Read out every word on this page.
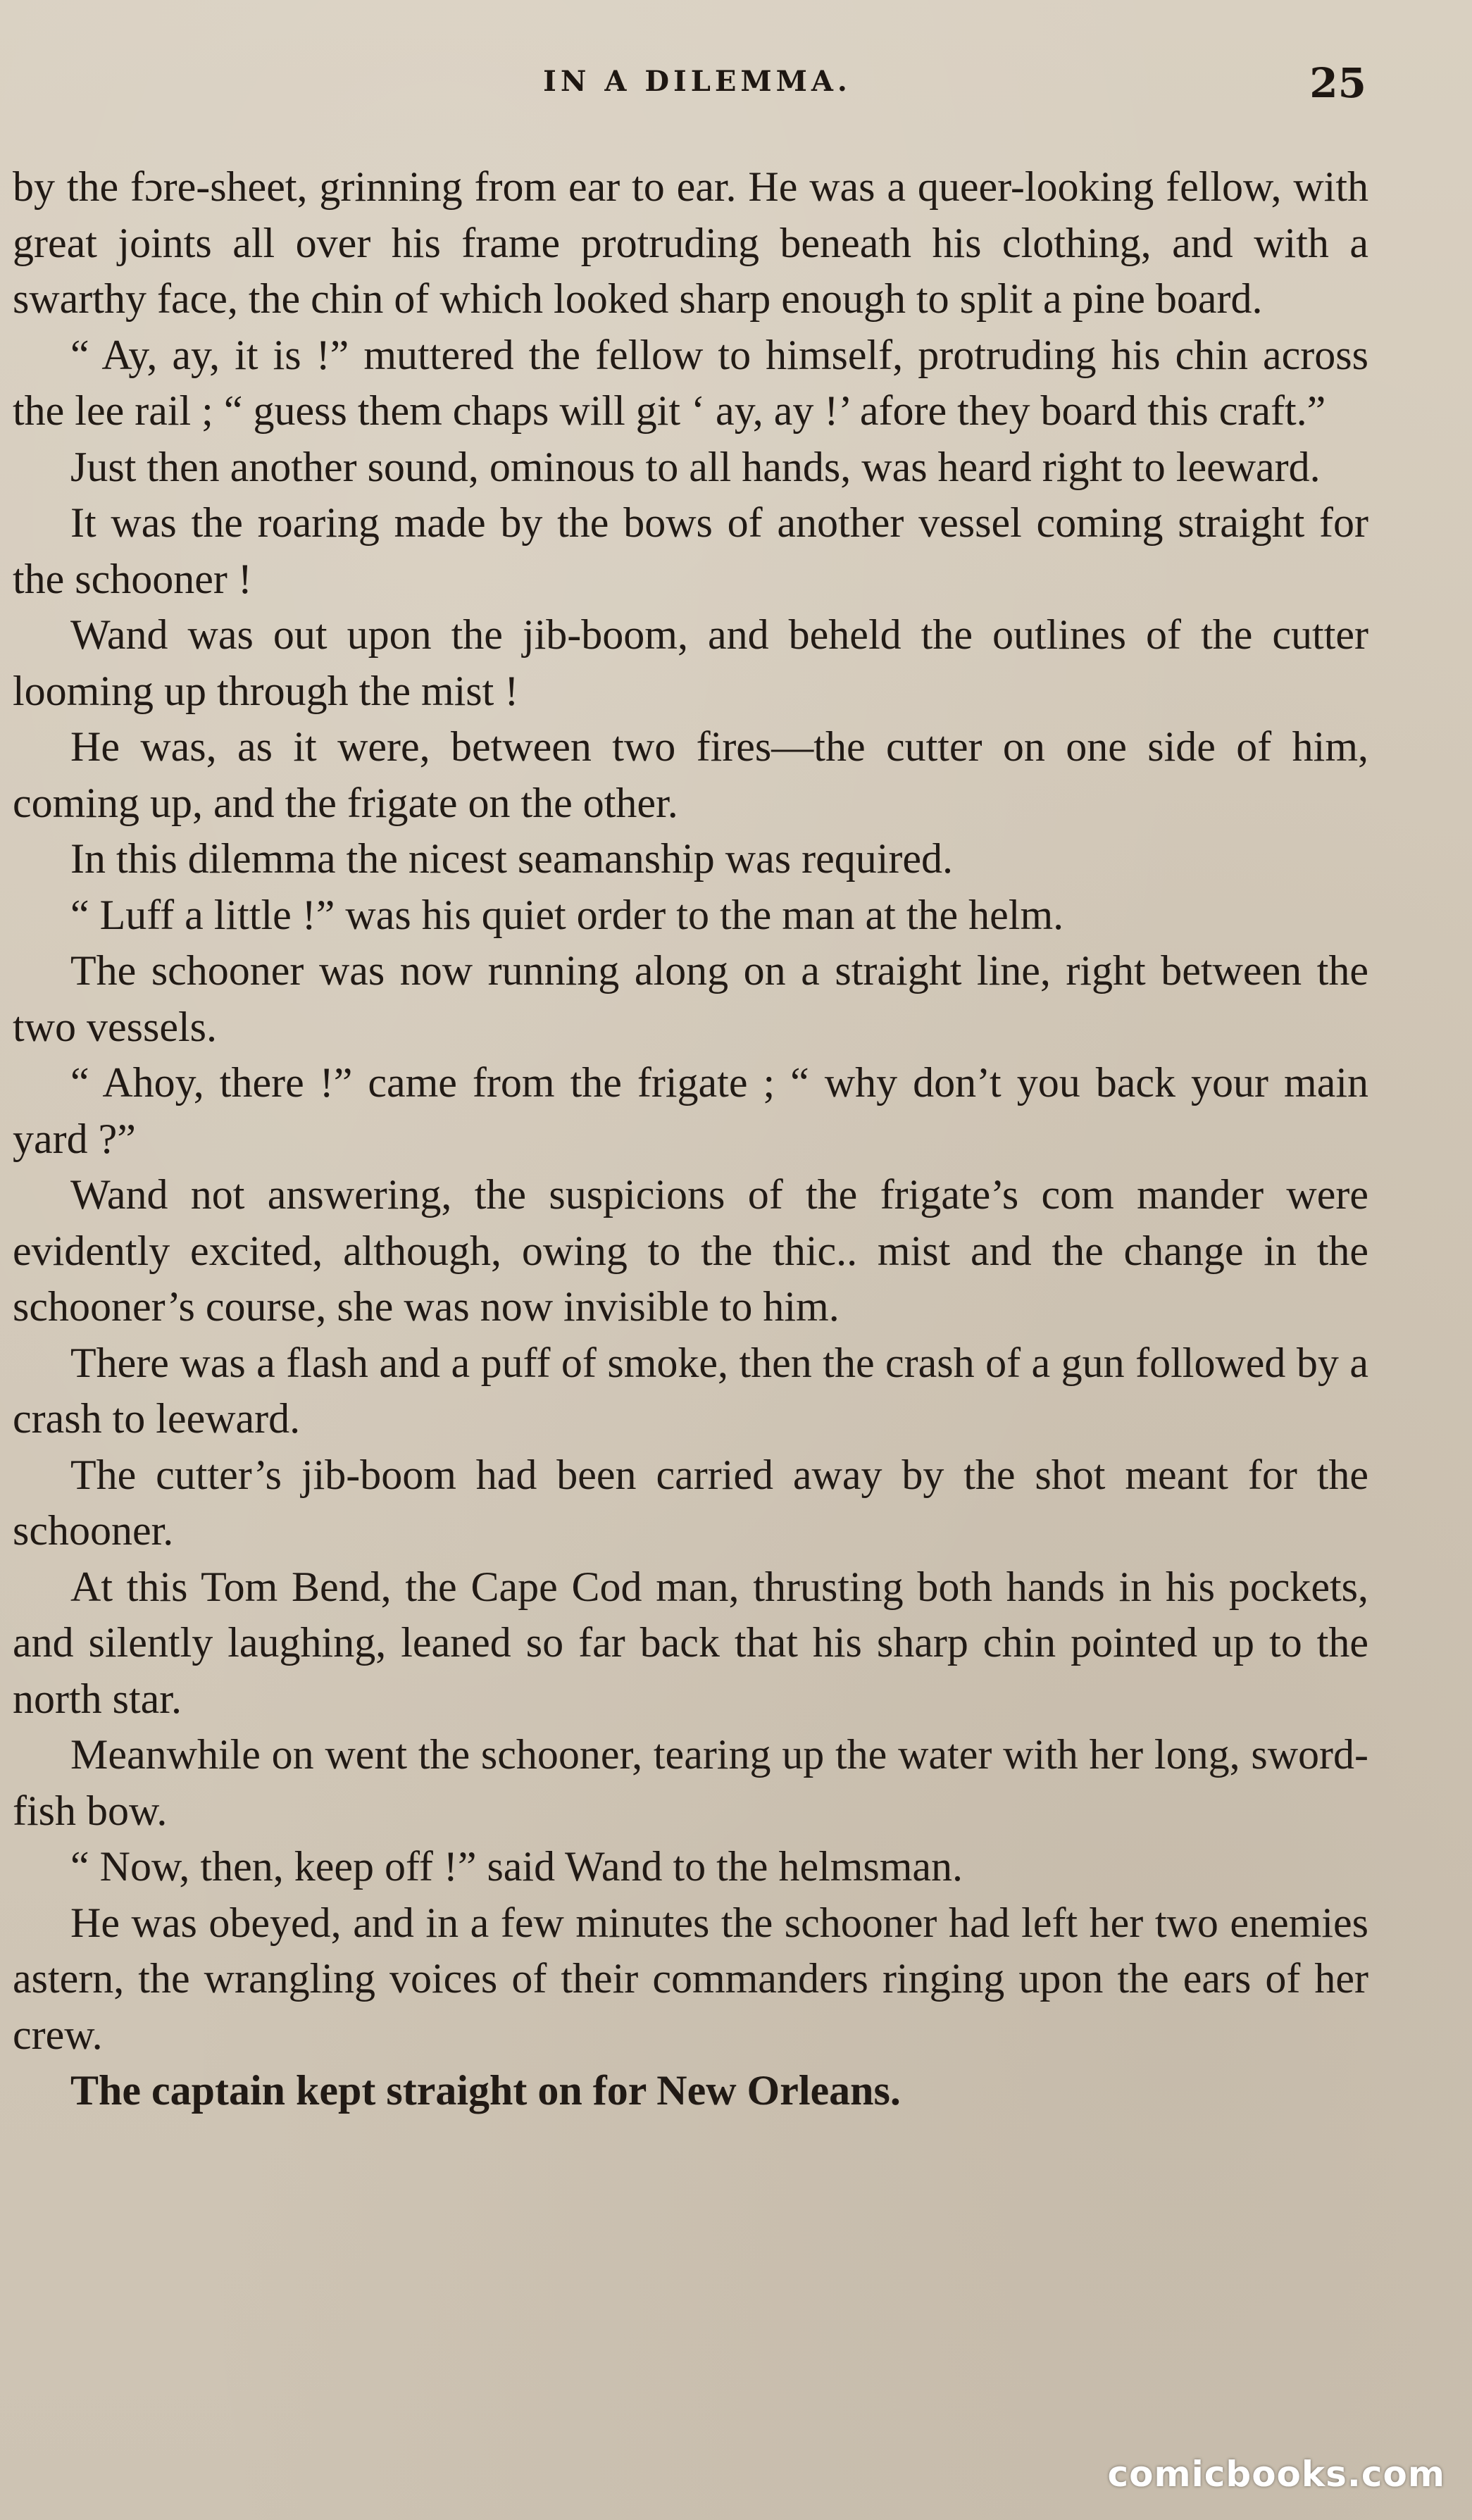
IN A DILEMMA.	25

by the fɔre-sheet, grinning from ear to ear. He was a queer-looking fellow, with great joints all over his frame protruding beneath his clothing, and with a swarthy face, the chin of which looked sharp enough to split a pine board.

“ Ay, ay, it is !” muttered the fellow to himself, protruding his chin across the lee rail ; “ guess them chaps will git ‘ ay, ay !’ afore they board this craft.”

Just then another sound, ominous to all hands, was heard right to leeward.

It was the roaring made by the bows of another vessel coming straight for the schooner !

Wand was out upon the jib-boom, and beheld the outlines of the cutter looming up through the mist !

He was, as it were, between two fires—the cutter on one side of him, coming up, and the frigate on the other.

In this dilemma the nicest seamanship was required.

“ Luff a little !” was his quiet order to the man at the helm.

The schooner was now running along on a straight line, right between the two vessels.

“ Ahoy, there !” came from the frigate ; “ why don’t you back your main yard ?”

Wand not answering, the suspicions of the frigate’s com mander were evidently excited, although, owing to the thic.. mist and the change in the schooner’s course, she was now invisible to him.

There was a flash and a puff of smoke, then the crash of a gun followed by a crash to leeward.

The cutter’s jib-boom had been carried away by the shot meant for the schooner.

At this Tom Bend, the Cape Cod man, thrusting both hands in his pockets, and silently laughing, leaned so far back that his sharp chin pointed up to the north star.

Meanwhile on went the schooner, tearing up the water with her long, sword-fish bow.

“ Now, then, keep off !” said Wand to the helmsman.

He was obeyed, and in a few minutes the schooner had left her two enemies astern, the wrangling voices of their commanders ringing upon the ears of her crew.

The captain kept straight on for New Orleans.

comicbooks.com
